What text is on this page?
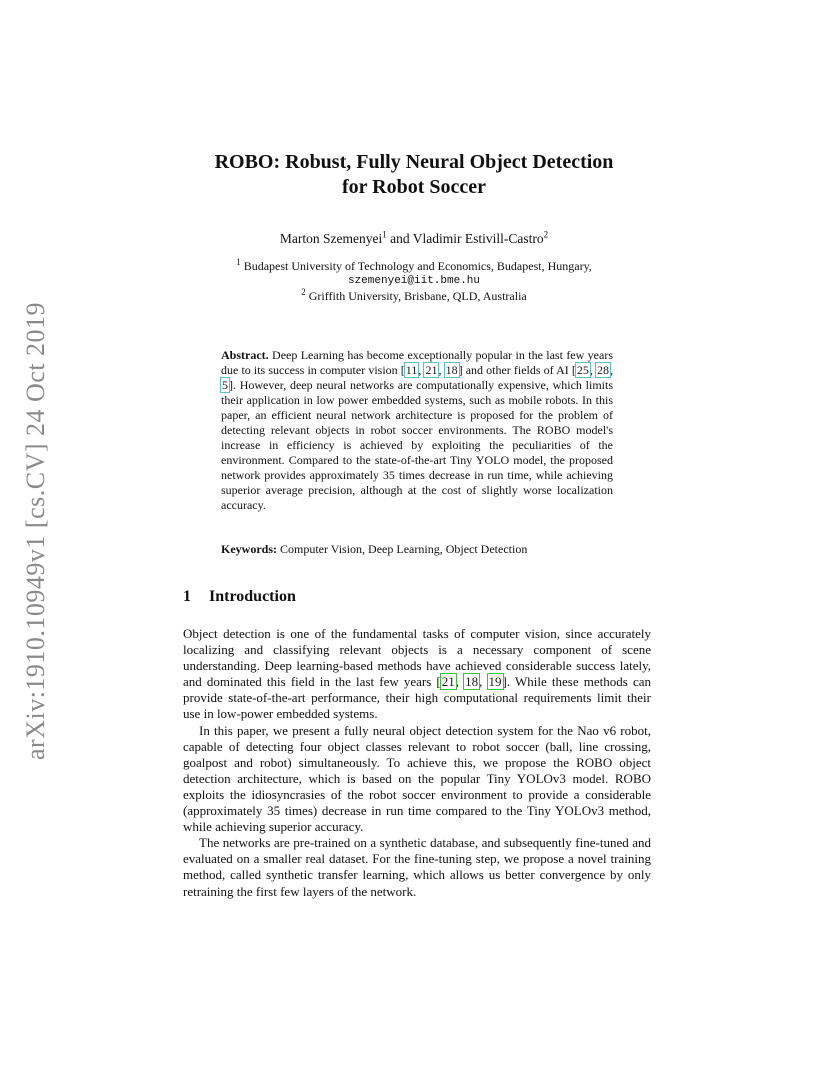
arXiv:1910.10949v1 [cs.CV] 24 Oct 2019
ROBO: Robust, Fully Neural Object Detection
for Robot Soccer
Marton Szemenyei$^1$ and Vladimir Estivill-Castro$^2$
$^1$ Budapest University of Technology and Economics, Budapest, Hungary,
szemenyei@iit.bme.hu
$^2$ Griffith University, Brisbane, QLD, Australia
Abstract. Deep Learning has become exceptionally popular in the last few years due to its success in computer vision [11, 21, 18] and other fields of AI [25, 28, 5]. However, deep neural networks are computationally expensive, which limits their application in low power embedded systems, such as mobile robots. In this paper, an efficient neural network architecture is proposed for the problem of detecting relevant objects in robot soccer environments. The ROBO model's increase in efficiency is achieved by exploiting the peculiarities of the environment. Compared to the state-of-the-art Tiny YOLO model, the proposed network provides approximately 35 times decrease in run time, while achieving superior average precision, although at the cost of slightly worse localization accuracy.
Keywords: Computer Vision, Deep Learning, Object Detection
1 Introduction

Object detection is one of the fundamental tasks of computer vision, since accurately localizing and classifying relevant objects is a necessary component of scene understanding. Deep learning-based methods have achieved considerable success lately, and dominated this field in the last few years [21, 18, 19]. While these methods can provide state-of-the-art performance, their high computational requirements limit their use in low-power embedded systems.

In this paper, we present a fully neural object detection system for the Nao v6 robot, capable of detecting four object classes relevant to robot soccer (ball, line crossing, goalpost and robot) simultaneously. To achieve this, we propose the ROBO object detection architecture, which is based on the popular Tiny YOLOv3 model. ROBO exploits the idiosyncrasies of the robot soccer environment to provide a considerable (approximately 35 times) decrease in run time compared to the Tiny YOLOv3 method, while achieving superior accuracy.

The networks are pre-trained on a synthetic database, and subsequently fine-tuned and evaluated on a smaller real dataset. For the fine-tuning step, we propose a novel training method, called synthetic transfer learning, which allows us better convergence by only retraining the first few layers of the network.
